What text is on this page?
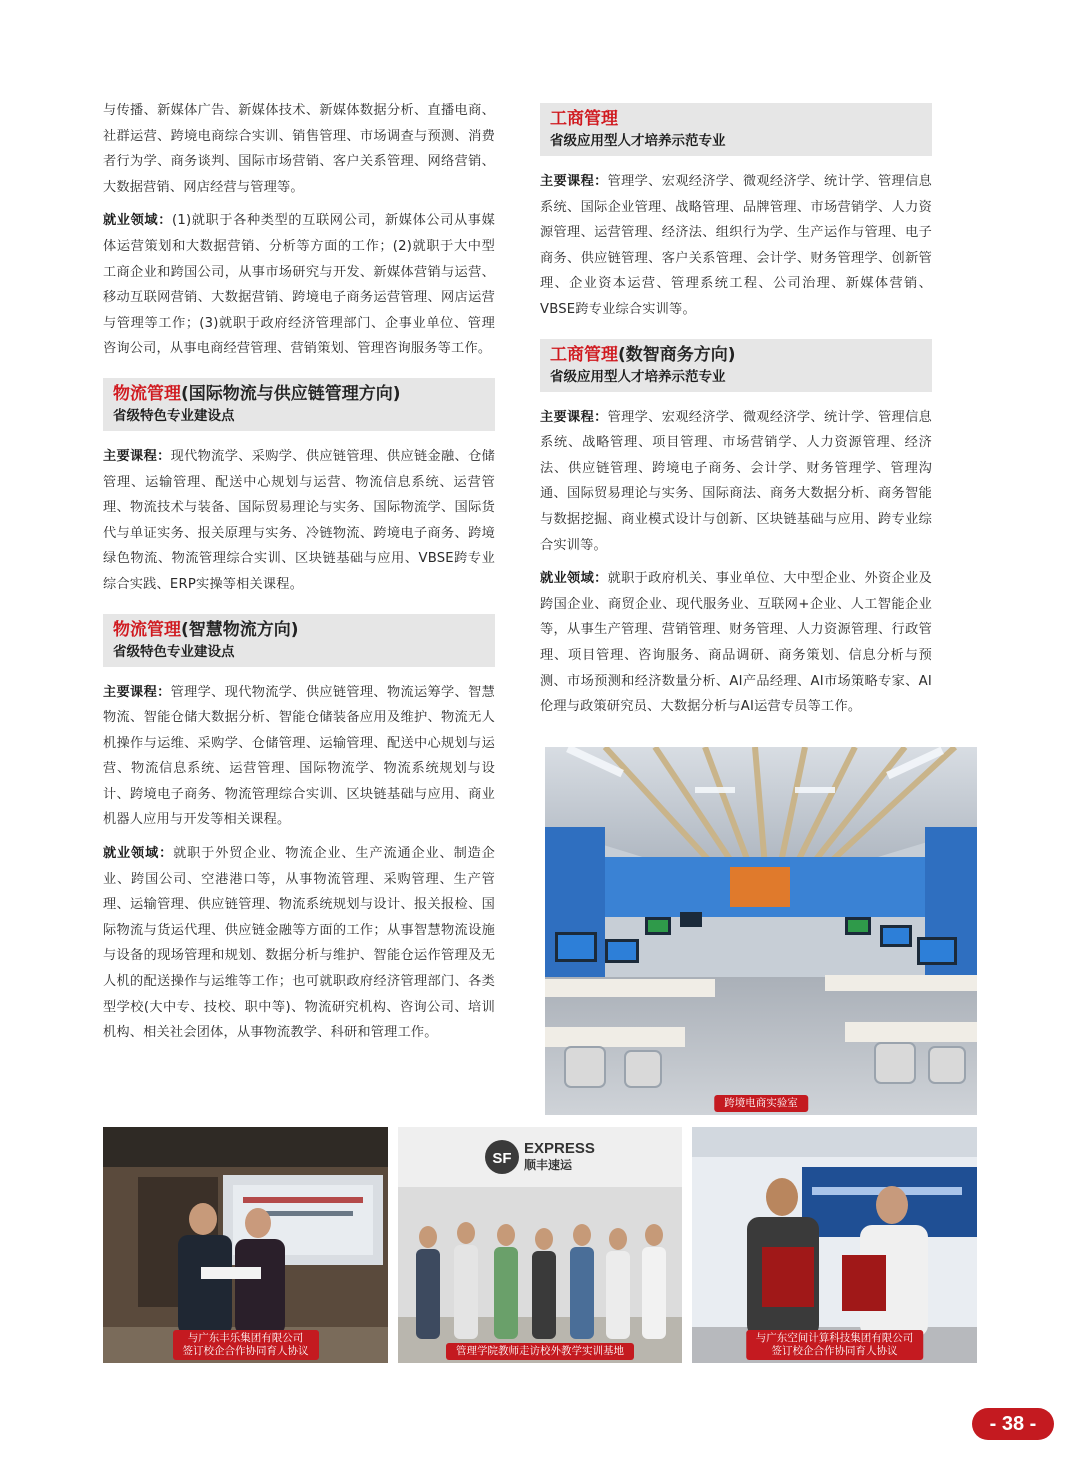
与传播、新媒体广告、新媒体技术、新媒体数据分析、直播电商、社群运营、跨境电商综合实训、销售管理、市场调查与预测、消费者行为学、商务谈判、国际市场营销、客户关系管理、网络营销、大数据营销、网店经营与管理等。

就业领域：(1)就职于各种类型的互联网公司，新媒体公司从事媒体运营策划和大数据营销、分析等方面的工作；(2)就职于大中型工商企业和跨国公司，从事市场研究与开发、新媒体营销与运营、移动互联网营销、大数据营销、跨境电子商务运营管理、网店运营与管理等工作；(3)就职于政府经济管理部门、企事业单位、管理咨询公司，从事电商经营管理、营销策划、管理咨询服务等工作。

物流管理(国际物流与供应链管理方向)
省级特色专业建设点

主要课程：现代物流学、采购学、供应链管理、供应链金融、仓储管理、运输管理、配送中心规划与运营、物流信息系统、运营管理、物流技术与装备、国际贸易理论与实务、国际物流学、国际货代与单证实务、报关原理与实务、冷链物流、跨境电子商务、跨境绿色物流、物流管理综合实训、区块链基础与应用、VBSE跨专业综合实践、ERP实操等相关课程。

物流管理(智慧物流方向)
省级特色专业建设点

主要课程：管理学、现代物流学、供应链管理、物流运筹学、智慧物流、智能仓储大数据分析、智能仓储装备应用及维护、物流无人机操作与运维、采购学、仓储管理、运输管理、配送中心规划与运营、物流信息系统、运营管理、国际物流学、物流系统规划与设计、跨境电子商务、物流管理综合实训、区块链基础与应用、商业机器人应用与开发等相关课程。

就业领域：就职于外贸企业、物流企业、生产流通企业、制造企业、跨国公司、空港港口等，从事物流管理、采购管理、生产管理、运输管理、供应链管理、物流系统规划与设计、报关报检、国际物流与货运代理、供应链金融等方面的工作；从事智慧物流设施与设备的现场管理和规划、数据分析与维护、智能仓运作管理及无人机的配送操作与运维等工作；也可就职政府经济管理部门、各类型学校(大中专、技校、职中等)、物流研究机构、咨询公司、培训机构、相关社会团体，从事物流教学、科研和管理工作。

工商管理
省级应用型人才培养示范专业

主要课程：管理学、宏观经济学、微观经济学、统计学、管理信息系统、国际企业管理、战略管理、品牌管理、市场营销学、人力资源管理、运营管理、经济法、组织行为学、生产运作与管理、电子商务、供应链管理、客户关系管理、会计学、财务管理学、创新管理、企业资本运营、管理系统工程、公司治理、新媒体营销、VBSE跨专业综合实训等。

工商管理(数智商务方向)
省级应用型人才培养示范专业

主要课程：管理学、宏观经济学、微观经济学、统计学、管理信息系统、战略管理、项目管理、市场营销学、人力资源管理、经济法、供应链管理、跨境电子商务、会计学、财务管理学、管理沟通、国际贸易理论与实务、国际商法、商务大数据分析、商务智能与数据挖掘、商业模式设计与创新、区块链基础与应用、跨专业综合实训等。

就业领域：就职于政府机关、事业单位、大中型企业、外资企业及跨国企业、商贸企业、现代服务业、互联网+企业、人工智能企业等，从事生产管理、营销管理、财务管理、人力资源管理、行政管理、项目管理、咨询服务、商品调研、商务策划、信息分析与预测、市场预测和经济数量分析、AI产品经理、AI市场策略专家、AI伦理与政策研究员、大数据分析与AI运营专员等工作。

跨境电商实验室
与广东丰乐集团有限公司
签订校企合作协同育人协议
SF
EXPRESS
顺丰速运
管理学院教师走访校外教学实训基地
与广东空间计算科技集团有限公司
签订校企合作协同育人协议
- 38 -
